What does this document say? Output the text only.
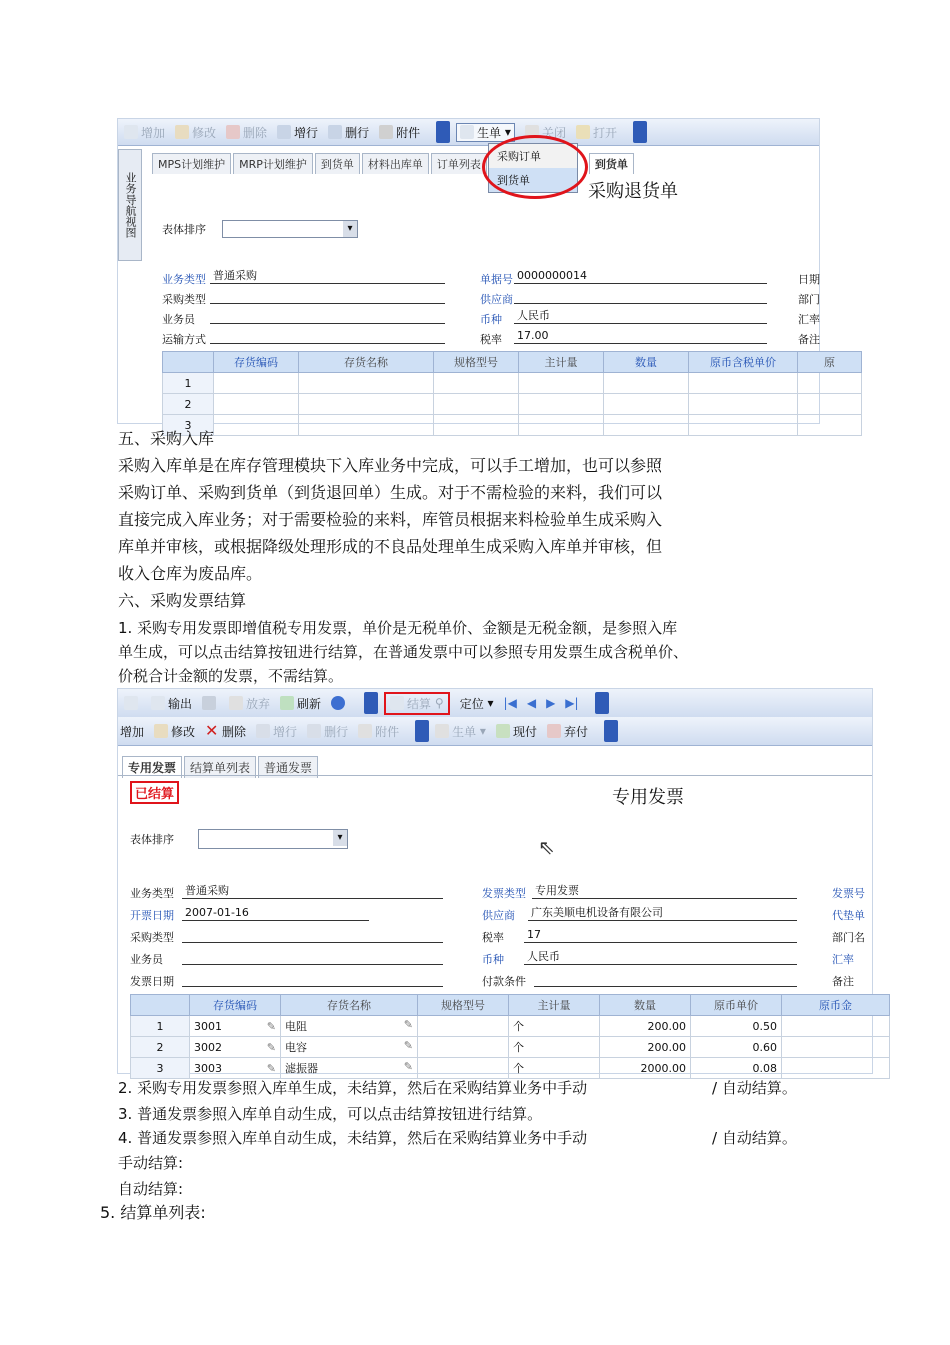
增加 修改 删除 增行 删行 附件	生单 ▾	关闭 打开
业务导航视图
MPS计划维护	MRP计划维护	到货单	材料出库单	订单列表	到货单
采购订单
到货单
采购退货单
表体排序
▾
业务类型 普通采购
采购类型
业务员
运输方式
单据号 0000000014
供应商
币种 人民币
税率 17.00
日期
部门
汇率
备注
	存货编码	存货名称	规格型号	主计量	数量	原币含税单价	原
1							
2							
3							
五、采购入库
采购入库单是在库存管理模块下入库业务中完成，可以手工增加，也可以参照
采购订单、采购到货单（到货退回单）生成。对于不需检验的来料，我们可以
直接完成入库业务；对于需要检验的来料，库管员根据来料检验单生成采购入
库单并审核，或根据降级处理形成的不良品处理单生成采购入库单并审核，但
收入仓库为废品库。
六、采购发票结算
1. 采购专用发票即增值税专用发票，单价是无税单价、金额是无税金额，是参照入库
单生成，可以点击结算按钮进行结算，在普通发票中可以参照专用发票生成含税单价、
价税合计金额的发票，不需结算。
输出	放弃 刷新	结算
⚲ 定位 ▾ |◀ ◀ ▶ ▶|
增加 修改 ✕ 删除 增行 删行 附件	生单 ▾ 现付 弃付
专用发票	结算单列表	普通发票
已结算	专用发票
表体排序 ▾	⇖
业务类型 普通采购
开票日期 2007-01-16
采购类型
业务员
发票日期
发票类型 专用发票
供应商 广东美顺电机设备有限公司
税率 17
币种 人民币
付款条件
发票号
代垫单
部门名
汇率
备注
	存货编码	存货名称	规格型号	主计量	数量	原币单价	原币金
1	3001 ✎	电阻 ✎		个	200.00	0.50	
2	3002 ✎	电容 ✎		个	200.00	0.60	
3	3003 ✎	滤振器 ✎		个	2000.00	0.08	
2. 采购专用发票参照入库单生成，未结算，然后在采购结算业务中手动	/ 自动结算。
3. 普通发票参照入库单自动生成，可以点击结算按钮进行结算。
4. 普通发票参照入库单自动生成，未结算，然后在采购结算业务中手动	/ 自动结算。
手动结算:
自动结算:
5. 结算单列表:
